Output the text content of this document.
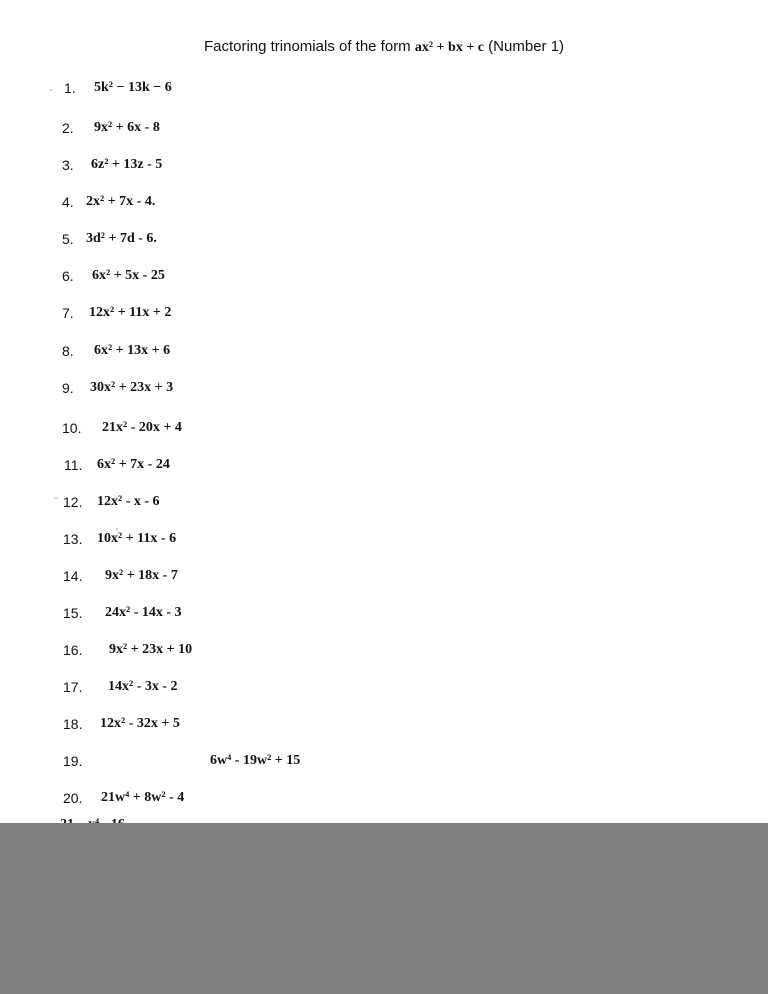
Factoring trinomials of the form ax² + bx + c (Number 1)
1. 5k² − 13k − 6
2. 9x² + 6x - 8
3. 6z² + 13z - 5
4. 2x² + 7x - 4.
5. 3d² + 7d - 6.
6. 6x² + 5x - 25
7. 12x² + 11x + 2
8. 6x² + 13x + 6
9. 30x² + 23x + 3
10. 21x² - 20x + 4
11. 6x² + 7x - 24
12. 12x² - x - 6
13. 10x² + 11x - 6
14. 9x² + 18x - 7
15. 24x² - 14x - 3
16. 9x² + 23x + 10
17. 14x² - 3x - 2
18. 12x² - 32x + 5
19.	6w⁴ - 19w² + 15
20. 21w⁴ + 8w² - 4
